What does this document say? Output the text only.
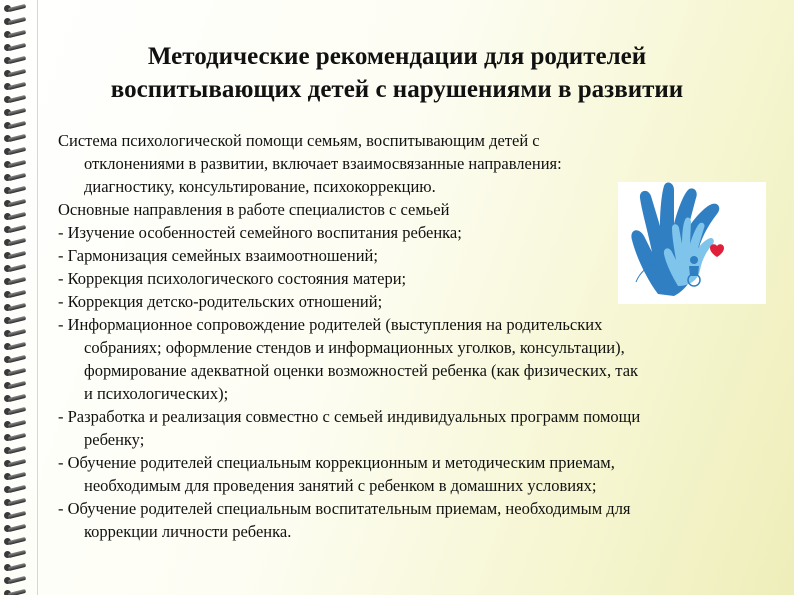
Методические рекомендации для родителей
воспитывающих детей с нарушениями в развитии
Система психологической помощи семьям, воспитывающим детей с
отклонениями в развитии, включает взаимосвязанные направления:
диагностику, консультирование, психокоррекцию.
Основные направления в работе специалистов с семьей
- Изучение особенностей семейного воспитания ребенка;
- Гармонизация семейных взаимоотношений;
- Коррекция психологического состояния матери;
- Коррекция детско-родительских отношений;
- Информационное сопровождение родителей (выступления на родительских
собраниях; оформление стендов и информационных уголков, консультации),
формирование адекватной оценки возможностей ребенка (как физических, так
и психологических);
- Разработка и реализация совместно с семьей индивидуальных программ помощи
ребенку;
- Обучение родителей специальным коррекционным и методическим приемам,
необходимым для проведения занятий с ребенком в домашних условиях;
- Обучение родителей специальным воспитательным приемам, необходимым для
коррекции личности ребенка.
